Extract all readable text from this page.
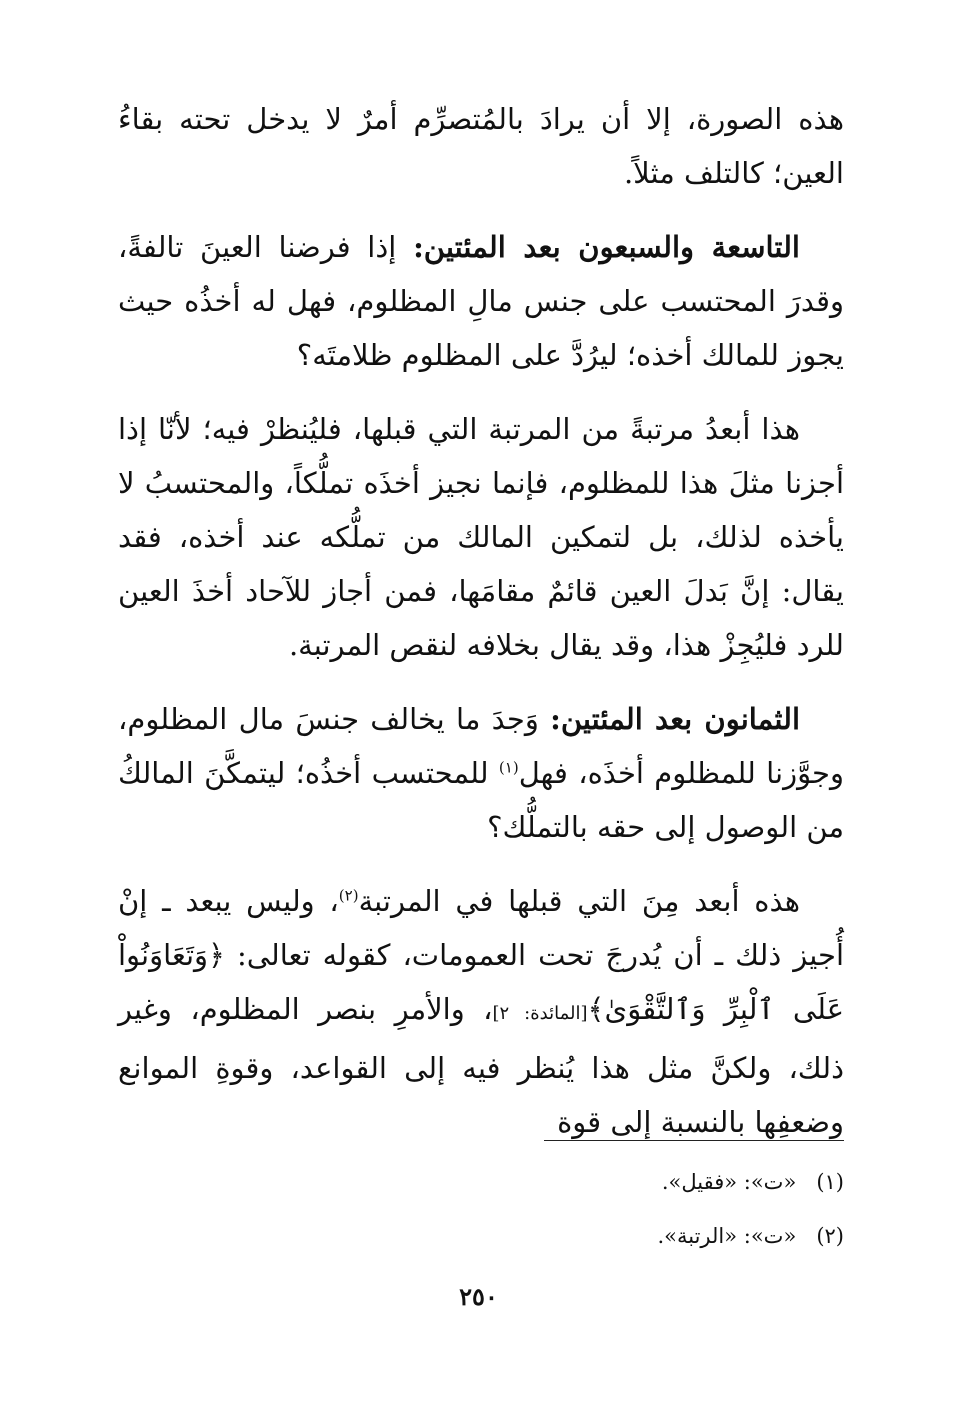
هذه الصورة، إلا أن يرادَ بالمُتصرِّم أمرٌ لا يدخل تحته بقاءُ العين؛ كالتلف مثلاً.

التاسعة والسبعون بعد المئتين: إذا فرضنا العينَ تالفةً، وقدرَ المحتسب على جنس مالِ المظلوم، فهل له أخذُه حيث يجوز للمالك أخذه؛ ليرُدَّ على المظلوم ظلامتَه؟

هذا أبعدُ مرتبةً من المرتبة التي قبلها، فليُنظرْ فيه؛ لأنّا إذا أجزنا مثلَ هذا للمظلوم، فإنما نجيز أخذَه تملُّكاً، والمحتسبُ لا يأخذه لذلك، بل لتمكين المالك من تملُّكه عند أخذه، فقد يقال: إنَّ بَدلَ العين قائمٌ مقامَها، فمن أجاز للآحاد أخذَ العين للرد فليُجِزْ هذا، وقد يقال بخلافه لنقص المرتبة.

الثمانون بعد المئتين: وَجدَ ما يخالف جنسَ مال المظلوم، وجوَّزنا للمظلوم أخذَه، فهل$^{(١)}$ للمحتسب أخذُه؛ ليتمكَّنَ المالكُ من الوصول إلى حقه بالتملُّك؟

هذه أبعد مِنَ التي قبلها في المرتبة$^{(٢)}$، وليس يبعد ـ إنْ أُجيز ذلك ـ أن يُدرجَ تحت العمومات، كقوله تعالى: ﴿وَتَعَاوَنُواْ عَلَى ٱلْبِرِّ وَٱلتَّقْوَىٰ﴾[المائدة: ٢]، والأمرِ بنصر المظلوم، وغير ذلك، ولكنَّ مثل هذا يُنظر فيه إلى القواعد، وقوةِ الموانع وضعفِها بالنسبة إلى قوة

(١)«ت»: «فقيل».

(٢)«ت»: «الرتبة».

٢٥٠
